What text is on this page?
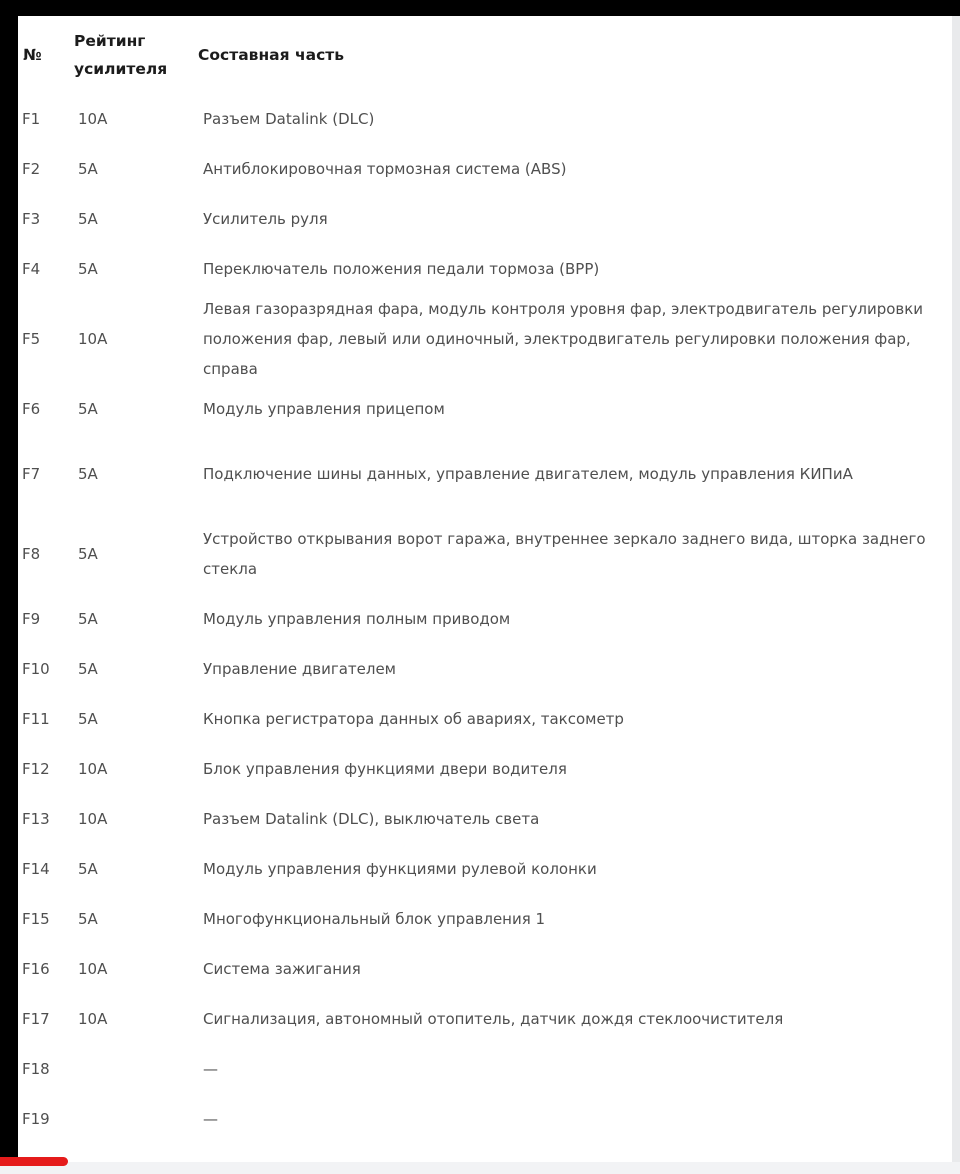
№	Рейтинг усилителя	Составная часть
F1	10A	Разъем Datalink (DLC)
F2	5A	Антиблокировочная тормозная система (ABS)
F3	5A	Усилитель руля
F4	5A	Переключатель положения педали тормоза (BPP)
F5	10A	Левая газоразрядная фара, модуль контроля уровня фар, электродвигатель регулировки положения фар, левый или одиночный, электродвигатель регулировки положения фар, справа
F6	5A	Модуль управления прицепом
F7	5A	Подключение шины данных, управление двигателем, модуль управления КИПиА
F8	5A	Устройство открывания ворот гаража, внутреннее зеркало заднего вида, шторка заднего стекла
F9	5A	Модуль управления полным приводом
F10	5A	Управление двигателем
F11	5A	Кнопка регистратора данных об авариях, таксометр
F12	10A	Блок управления функциями двери водителя
F13	10A	Разъем Datalink (DLC), выключатель света
F14	5A	Модуль управления функциями рулевой колонки
F15	5A	Многофункциональный блок управления 1
F16	10A	Система зажигания
F17	10A	Сигнализация, автономный отопитель, датчик дождя стеклоочистителя
F18		—
F19		—
